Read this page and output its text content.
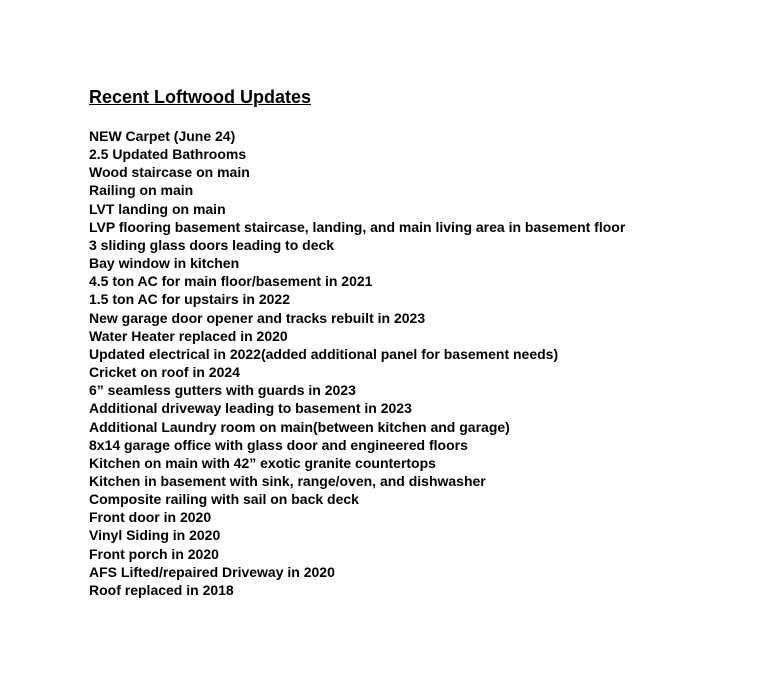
Recent Loftwood Updates
NEW Carpet (June 24)
2.5 Updated Bathrooms
Wood staircase on main
Railing on main
LVT landing on main
LVP flooring basement staircase, landing, and main living area in basement floor
3 sliding glass doors leading to deck
Bay window in kitchen
4.5 ton AC for main floor/basement in 2021
1.5 ton AC for upstairs in 2022
New garage door opener and tracks rebuilt in 2023
Water Heater replaced in 2020
Updated electrical in 2022(added additional panel for basement needs)
Cricket on roof in 2024
6” seamless gutters with guards in 2023
Additional driveway leading to basement in 2023
Additional Laundry room on main(between kitchen and garage)
8x14 garage office with glass door and engineered floors
Kitchen on main with 42” exotic granite countertops
Kitchen in basement with sink, range/oven, and dishwasher
Composite railing with sail on back deck
Front door in 2020
Vinyl Siding in 2020
Front porch in 2020
AFS Lifted/repaired Driveway in 2020
Roof replaced in 2018
